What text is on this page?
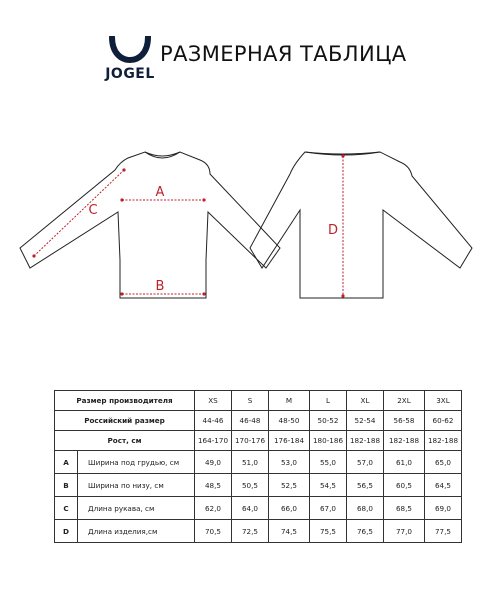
JOGEL
РАЗМЕРНАЯ ТАБЛИЦА
A
B
C
D
Размер производителя		XS	S	M	L	XL	2XL	3XL
Российский размер		44-46	46-48	48-50	50-52	52-54	56-58	60-62
Рост, см		164-170	170-176	176-184	180-186	182-188	182-188	182-188
A	Ширина под грудью, см	49,0	51,0	53,0	55,0	57,0	61,0	65,0
B	Ширина по низу, см	48,5	50,5	52,5	54,5	56,5	60,5	64,5
C	Длина рукава, см	62,0	64,0	66,0	67,0	68,0	68,5	69,0
D	Длина изделия,см	70,5	72,5	74,5	75,5	76,5	77,0	77,5
